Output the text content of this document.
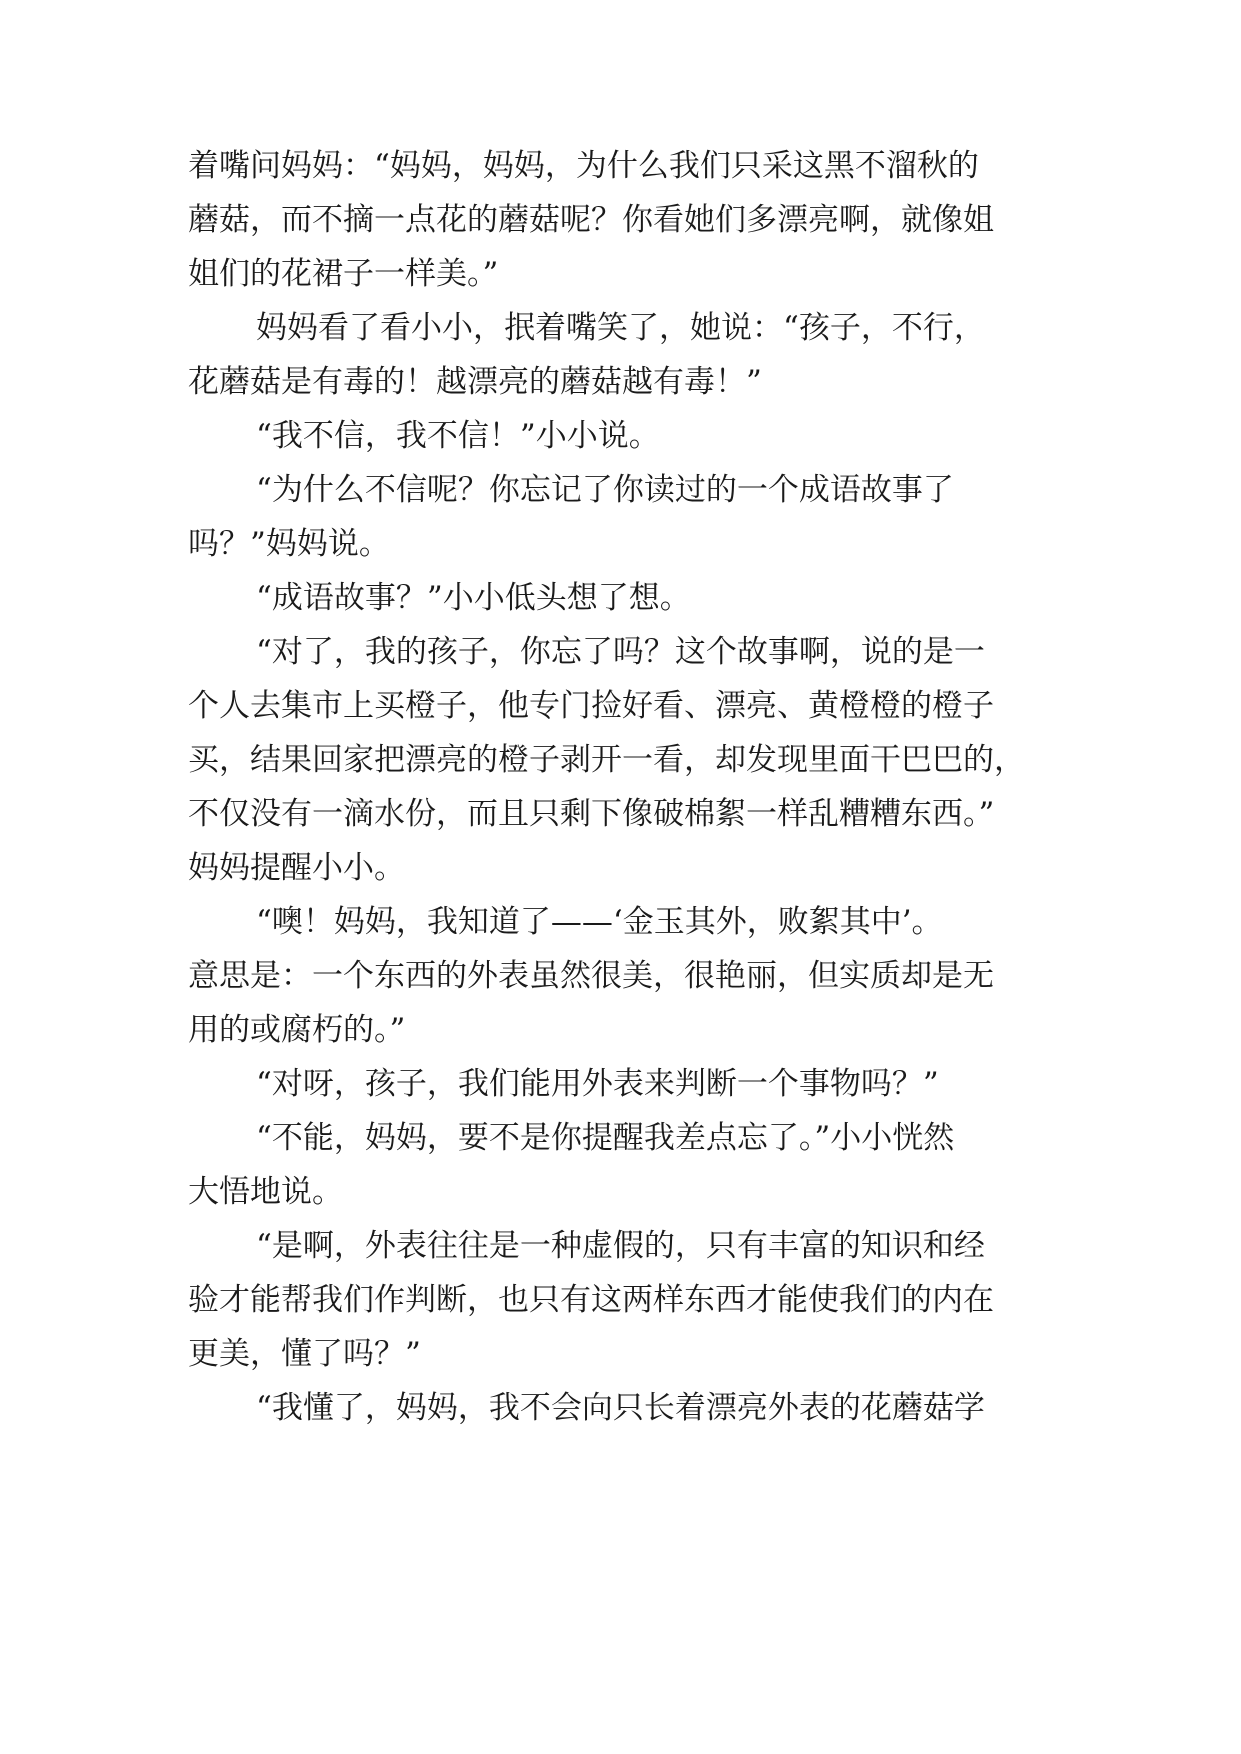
着嘴问妈妈：“妈妈，妈妈，为什么我们只采这黑不溜秋的
蘑菇，而不摘一点花的蘑菇呢？你看她们多漂亮啊，就像姐
姐们的花裙子一样美。”
妈妈看了看小小，抿着嘴笑了，她说：“孩子，不行，
花蘑菇是有毒的！越漂亮的蘑菇越有毒！”
“我不信，我不信！”小小说。
“为什么不信呢？你忘记了你读过的一个成语故事了
吗？”妈妈说。
“成语故事？”小小低头想了想。
“对了，我的孩子，你忘了吗？这个故事啊，说的是一
个人去集市上买橙子，他专门捡好看、漂亮、黄橙橙的橙子
买，结果回家把漂亮的橙子剥开一看，却发现里面干巴巴的，
不仅没有一滴水份，而且只剩下像破棉絮一样乱糟糟东西。”
妈妈提醒小小。
“噢！妈妈，我知道了——‘金玉其外，败絮其中’。
意思是：一个东西的外表虽然很美，很艳丽，但实质却是无
用的或腐朽的。”
“对呀，孩子，我们能用外表来判断一个事物吗？”
“不能，妈妈，要不是你提醒我差点忘了。”小小恍然
大悟地说。
“是啊，外表往往是一种虚假的，只有丰富的知识和经
验才能帮我们作判断，也只有这两样东西才能使我们的内在
更美，懂了吗？”
“我懂了，妈妈，我不会向只长着漂亮外表的花蘑菇学
